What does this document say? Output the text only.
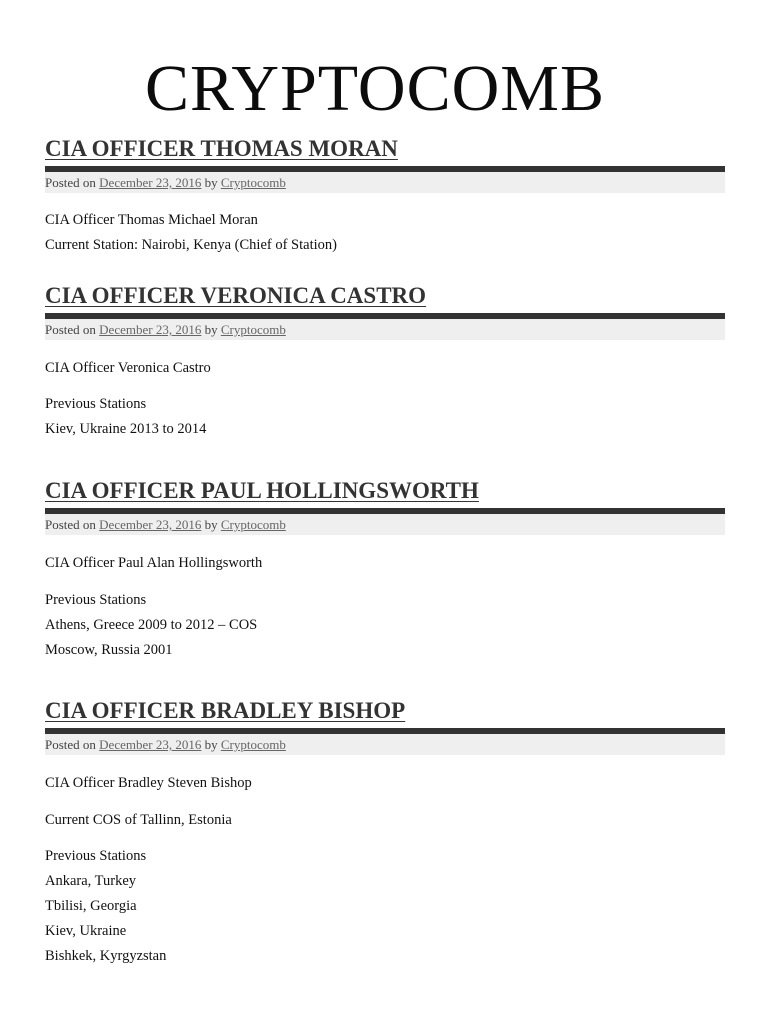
CRYPTOCOMB
CIA OFFICER THOMAS MORAN
Posted on December 23, 2016 by Cryptocomb

CIA Officer Thomas Michael Moran
Current Station: Nairobi, Kenya (Chief of Station)

CIA OFFICER VERONICA CASTRO
Posted on December 23, 2016 by Cryptocomb

CIA Officer Veronica Castro

Previous Stations
Kiev, Ukraine 2013 to 2014

CIA OFFICER PAUL HOLLINGSWORTH
Posted on December 23, 2016 by Cryptocomb

CIA Officer Paul Alan Hollingsworth

Previous Stations
Athens, Greece 2009 to 2012 – COS
Moscow, Russia 2001

CIA OFFICER BRADLEY BISHOP
Posted on December 23, 2016 by Cryptocomb

CIA Officer Bradley Steven Bishop

Current COS of Tallinn, Estonia

Previous Stations
Ankara, Turkey
Tbilisi, Georgia
Kiev, Ukraine
Bishkek, Kyrgyzstan
